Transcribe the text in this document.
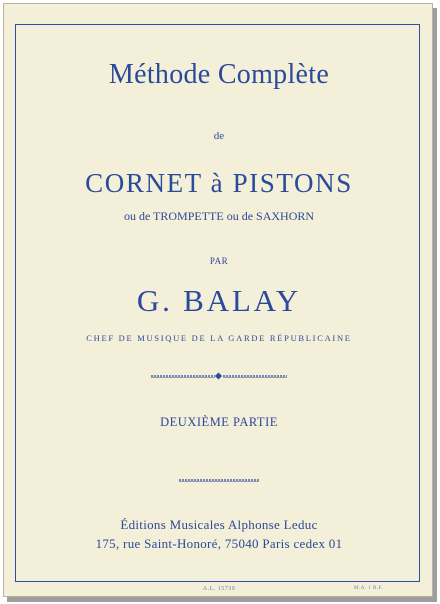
Méthode Complète
de
CORNET à PISTONS
ou de TROMPETTE ou de SAXHORN
PAR
G. BALAY
CHEF DE MUSIQUE DE LA GARDE RÉPUBLICAINE
DEUXIÈME PARTIE
Éditions Musicales Alphonse Leduc
175, rue Saint-Honoré, 75040 Paris cedex 01
A.L. 15739	M.A. 1 R.F.
